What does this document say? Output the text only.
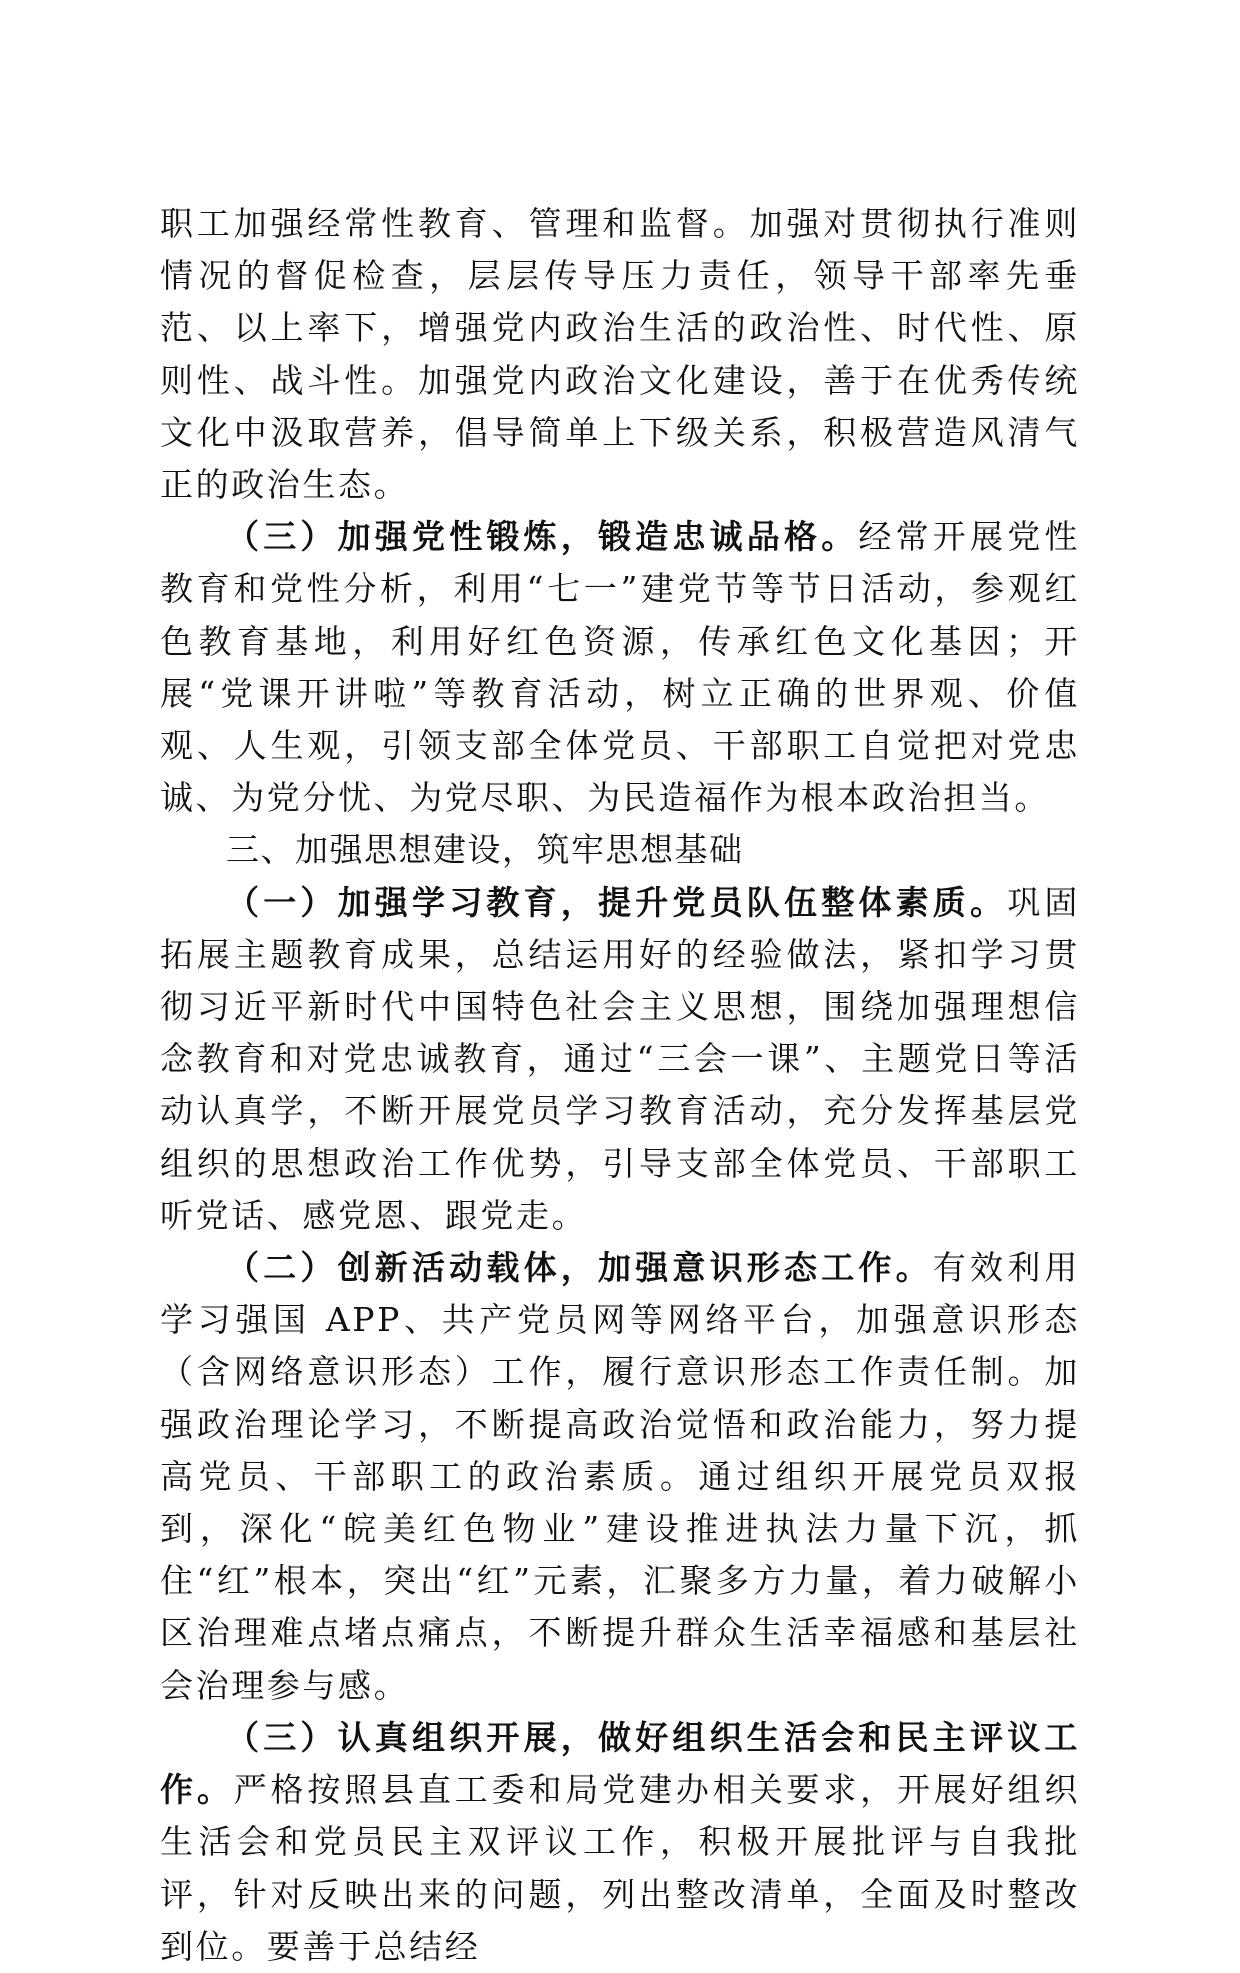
职工加强经常性教育、管理和监督。加强对贯彻执行准则情况的督促检查，层层传导压力责任，领导干部率先垂范、以上率下，增强党内政治生活的政治性、时代性、原则性、战斗性。加强党内政治文化建设，善于在优秀传统文化中汲取营养，倡导简单上下级关系，积极营造风清气正的政治生态。

（三）加强党性锻炼，锻造忠诚品格。经常开展党性教育和党性分析，利用“七一”建党节等节日活动，参观红色教育基地，利用好红色资源，传承红色文化基因；开展“党课开讲啦”等教育活动，树立正确的世界观、价值观、人生观，引领支部全体党员、干部职工自觉把对党忠诚、为党分忧、为党尽职、为民造福作为根本政治担当。

三、加强思想建设，筑牢思想基础

（一）加强学习教育，提升党员队伍整体素质。巩固拓展主题教育成果，总结运用好的经验做法，紧扣学习贯彻习近平新时代中国特色社会主义思想，围绕加强理想信念教育和对党忠诚教育，通过“三会一课”、主题党日等活动认真学，不断开展党员学习教育活动，充分发挥基层党组织的思想政治工作优势，引导支部全体党员、干部职工听党话、感党恩、跟党走。

（二）创新活动载体，加强意识形态工作。有效利用学习强国 APP、共产党员网等网络平台，加强意识形态（含网络意识形态）工作，履行意识形态工作责任制。加强政治理论学习，不断提高政治觉悟和政治能力，努力提高党员、干部职工的政治素质。通过组织开展党员双报到，深化“皖美红色物业”建设推进执法力量下沉，抓住“红”根本，突出“红”元素，汇聚多方力量，着力破解小区治理难点堵点痛点，不断提升群众生活幸福感和基层社会治理参与感。

（三）认真组织开展，做好组织生活会和民主评议工作。严格按照县直工委和局党建办相关要求，开展好组织生活会和党员民主双评议工作，积极开展批评与自我批评，针对反映出来的问题，列出整改清单，全面及时整改到位。要善于总结经
